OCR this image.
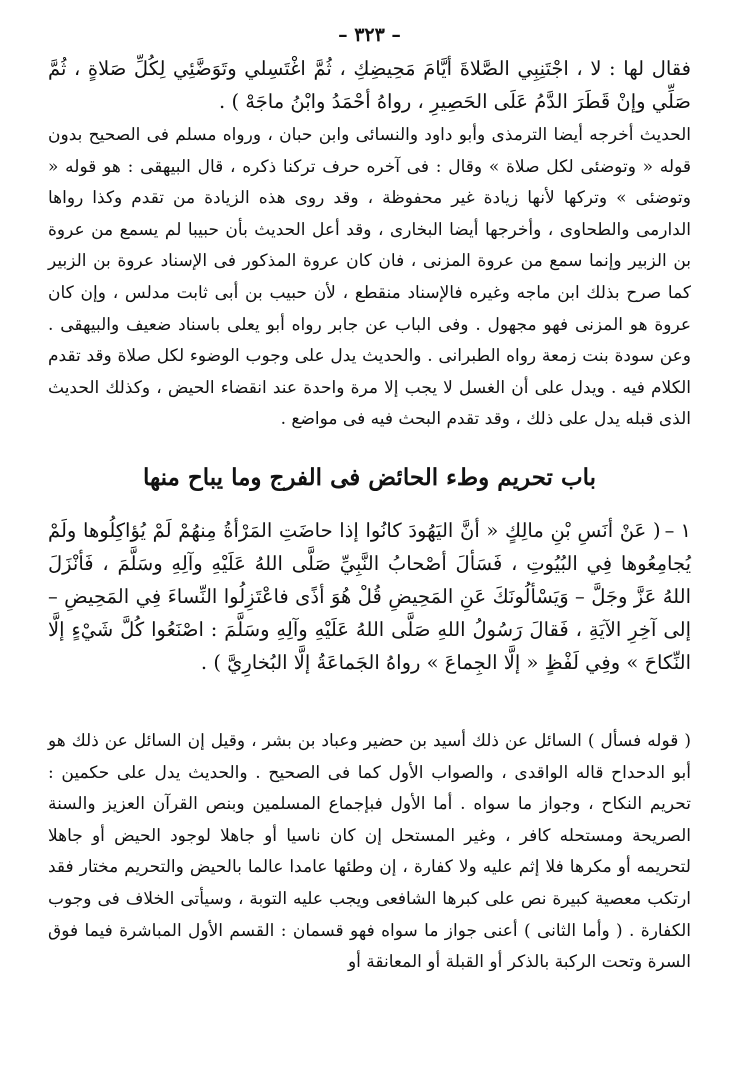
– ٣٢٣ –

فقال لها : لا ، اجْتَنِبِي الصَّلاةَ أيَّامَ مَحِيضِكِ ، ثُمَّ اغْتَسِلي وتَوَضَّئِي لِكُلِّ صَلاةٍ ، ثُمَّ صَلِّي وإنْ قَطَرَ الدَّمُ عَلَى الحَصِيرِ ، رواهُ أحْمَدُ وابْنُ ماجَهْ ) .

الحديث أخرجه أيضا الترمذى وأبو داود والنسائى وابن حبان ، ورواه مسلم فى الصحيح بدون قوله « وتوضئى لكل صلاة » وقال : فى آخره حرف تركنا ذكره ، قال البيهقى : هو قوله « وتوضئى » وتركها لأنها زيادة غير محفوظة ، وقد روى هذه الزيادة من تقدم وكذا رواها الدارمى والطحاوى ، وأخرجها أيضا البخارى ، وقد أعل الحديث بأن حبيبا لم يسمع من عروة بن الزبير وإنما سمع من عروة المزنى ، فان كان عروة المذكور فى الإسناد عروة بن الزبير كما صرح بذلك ابن ماجه وغيره فالإسناد منقطع ، لأن حبيب بن أبى ثابت مدلس ، وإن كان عروة هو المزنى فهو مجهول . وفى الباب عن جابر رواه أبو يعلى باسناد ضعيف والبيهقى . وعن سودة بنت زمعة رواه الطبرانى . والحديث يدل على وجوب الوضوء لكل صلاة وقد تقدم الكلام فيه . ويدل على أن الغسل لا يجب إلا مرة واحدة عند انقضاء الحيض ، وكذلك الحديث الذى قبله يدل على ذلك ، وقد تقدم البحث فيه فى مواضع .

باب تحريم وطء الحائض فى الفرج وما يباح منها

١ –( عَنْ أنَسِ بْنِ مالِكٍ « أنَّ اليَهُودَ كانُوا إذا حاضَتِ المَرْأةُ مِنهُمْ لَمْ يُؤاكِلُوها ولَمْ يُجامِعُوها فِي البُيُوتِ ، فَسَألَ أصْحابُ النَّبِيِّ صَلَّى اللهُ عَلَيْهِ وآلِهِ وسَلَّمَ ، فَأنْزَلَ اللهُ عَزَّ وجَلَّ – وَيَسْألُونَكَ عَنِ المَحِيضِ قُلْ هُوَ أذًى فاعْتَزِلُوا النِّساءَ فِي المَحِيضِ – إلى آخِرِ الآيَةِ ، فَقالَ رَسُولُ اللهِ صَلَّى اللهُ عَلَيْهِ وآلِهِ وسَلَّمَ : اصْنَعُوا كُلَّ شَيْءٍ إلَّا النِّكاحَ » وفِي لَفْظٍ « إلَّا الجِماعَ » رواهُ الجَماعَةُ إلَّا البُخارِيَّ ) .

( قوله فسأل ) السائل عن ذلك أسيد بن حضير وعباد بن بشر ، وقيل إن السائل عن ذلك هو أبو الدحداح قاله الواقدى ، والصواب الأول كما فى الصحيح . والحديث يدل على حكمين : تحريم النكاح ، وجواز ما سواه . أما الأول فبإجماع المسلمين وبنص القرآن العزيز والسنة الصريحة ومستحله كافر ، وغير المستحل إن كان ناسيا أو جاهلا لوجود الحيض أو جاهلا لتحريمه أو مكرها فلا إثم عليه ولا كفارة ، إن وطئها عامدا عالما بالحيض والتحريم مختار فقد ارتكب معصية كبيرة نص على كبرها الشافعى ويجب عليه التوبة ، وسيأتى الخلاف فى وجوب الكفارة . ( وأما الثانى ) أعنى جواز ما سواه فهو قسمان : القسم الأول المباشرة فيما فوق السرة وتحت الركبة بالذكر أو القبلة أو المعانقة أو
